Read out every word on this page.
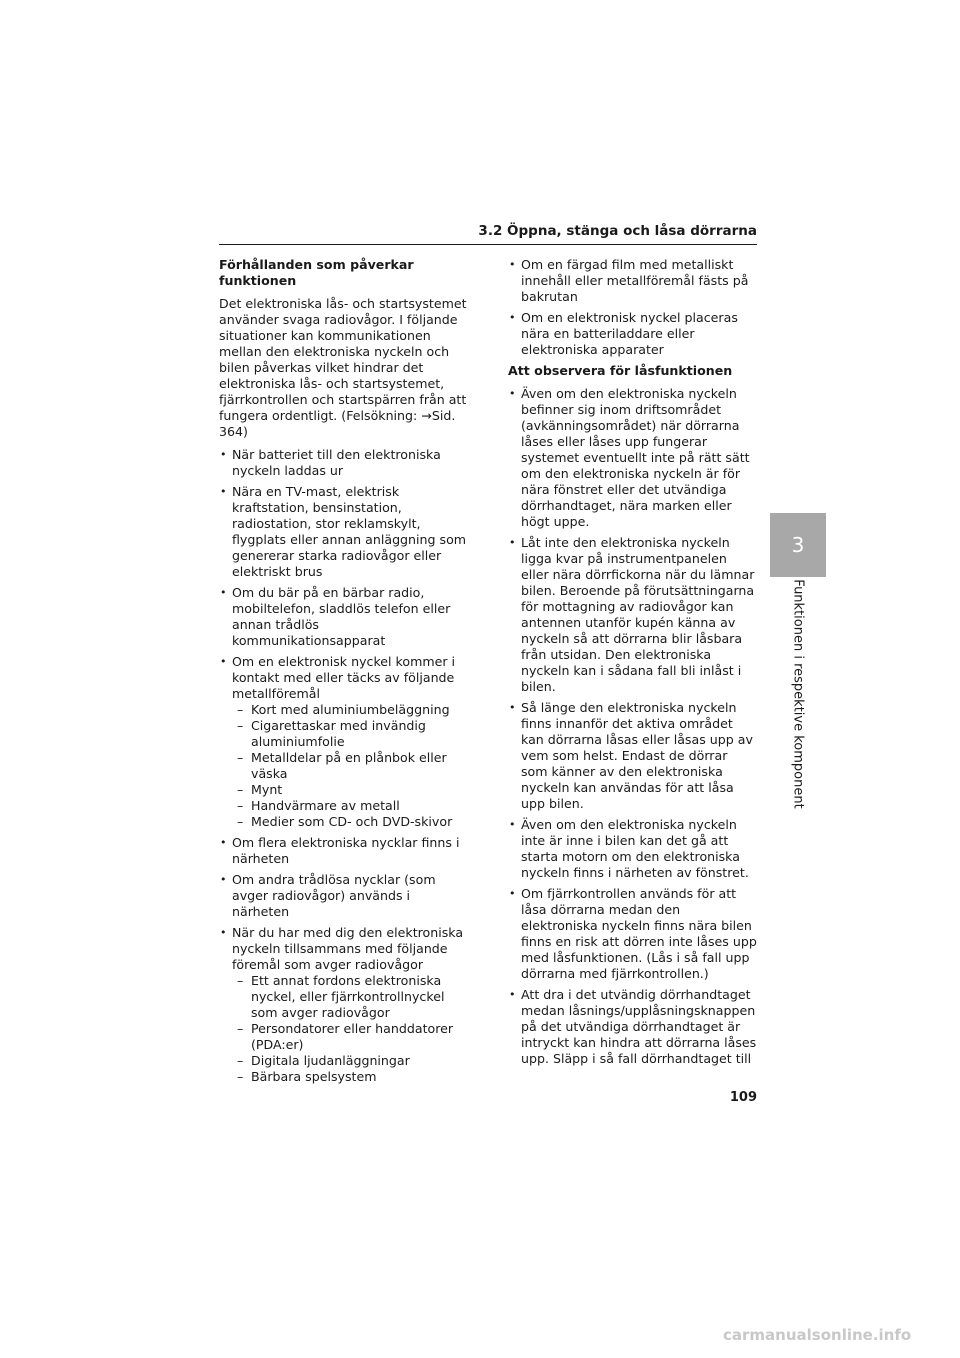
3.2 Öppna, stänga och låsa dörrarna
Förhållanden som påverkar funktionen
Det elektroniska lås- och startsystemet använder svaga radiovågor. I följande situationer kan kommunikationen mellan den elektroniska nyckeln och bilen påverkas vilket hindrar det elektroniska lås- och startsystemet, fjärrkontrollen och startspärren från att fungera ordentligt. (Felsökning: →Sid. 364)
• När batteriet till den elektroniska nyckeln laddas ur
• Nära en TV-mast, elektrisk kraftstation, bensinstation, radiostation, stor reklamskylt, flygplats eller annan anläggning som genererar starka radiovågor eller elektriskt brus
• Om du bär på en bärbar radio, mobiltelefon, sladdlös telefon eller annan trådlös kommunikationsapparat
• Om en elektronisk nyckel kommer i kontakt med eller täcks av följande metallföremål
– Kort med aluminiumbeläggning
– Cigarettaskar med invändig aluminiumfolie
– Metalldelar på en plånbok eller väska
– Mynt
– Handvärmare av metall
– Medier som CD- och DVD-skivor
• Om flera elektroniska nycklar finns i närheten
• Om andra trådlösa nycklar (som avger radiovågor) används i närheten
• När du har med dig den elektroniska nyckeln tillsammans med följande föremål som avger radiovågor
– Ett annat fordons elektroniska nyckel, eller fjärrkontrollnyckel som avger radiovågor
– Persondatorer eller handdatorer (PDA:er)
– Digitala ljudanläggningar
– Bärbara spelsystem
• Om en färgad film med metalliskt innehåll eller metallföremål fästs på bakrutan
• Om en elektronisk nyckel placeras nära en batteriladdare eller elektroniska apparater
Att observera för låsfunktionen
• Även om den elektroniska nyckeln befinner sig inom driftsområdet (avkänningsområdet) när dörrarna låses eller låses upp fungerar systemet eventuellt inte på rätt sätt om den elektroniska nyckeln är för nära fönstret eller det utvändiga dörrhandtaget, nära marken eller högt uppe.
• Låt inte den elektroniska nyckeln ligga kvar på instrumentpanelen eller nära dörrfickorna när du lämnar bilen. Beroende på förutsättningarna för mottagning av radiovågor kan antennen utanför kupén känna av nyckeln så att dörrarna blir låsbara från utsidan. Den elektroniska nyckeln kan i sådana fall bli inlåst i bilen.
• Så länge den elektroniska nyckeln finns innanför det aktiva området kan dörrarna låsas eller låsas upp av vem som helst. Endast de dörrar som känner av den elektroniska nyckeln kan användas för att låsa upp bilen.
• Även om den elektroniska nyckeln inte är inne i bilen kan det gå att starta motorn om den elektroniska nyckeln finns i närheten av fönstret.
• Om fjärrkontrollen används för att låsa dörrarna medan den elektroniska nyckeln finns nära bilen finns en risk att dörren inte låses upp med låsfunktionen. (Lås i så fall upp dörrarna med fjärrkontrollen.)
• Att dra i det utvändig dörrhandtaget medan låsnings/upplåsningsknappen på det utvändiga dörrhandtaget är intryckt kan hindra att dörrarna låses upp. Släpp i så fall dörrhandtaget till
3
Funktionen i respektive komponent
109
carmanualsonline.info
